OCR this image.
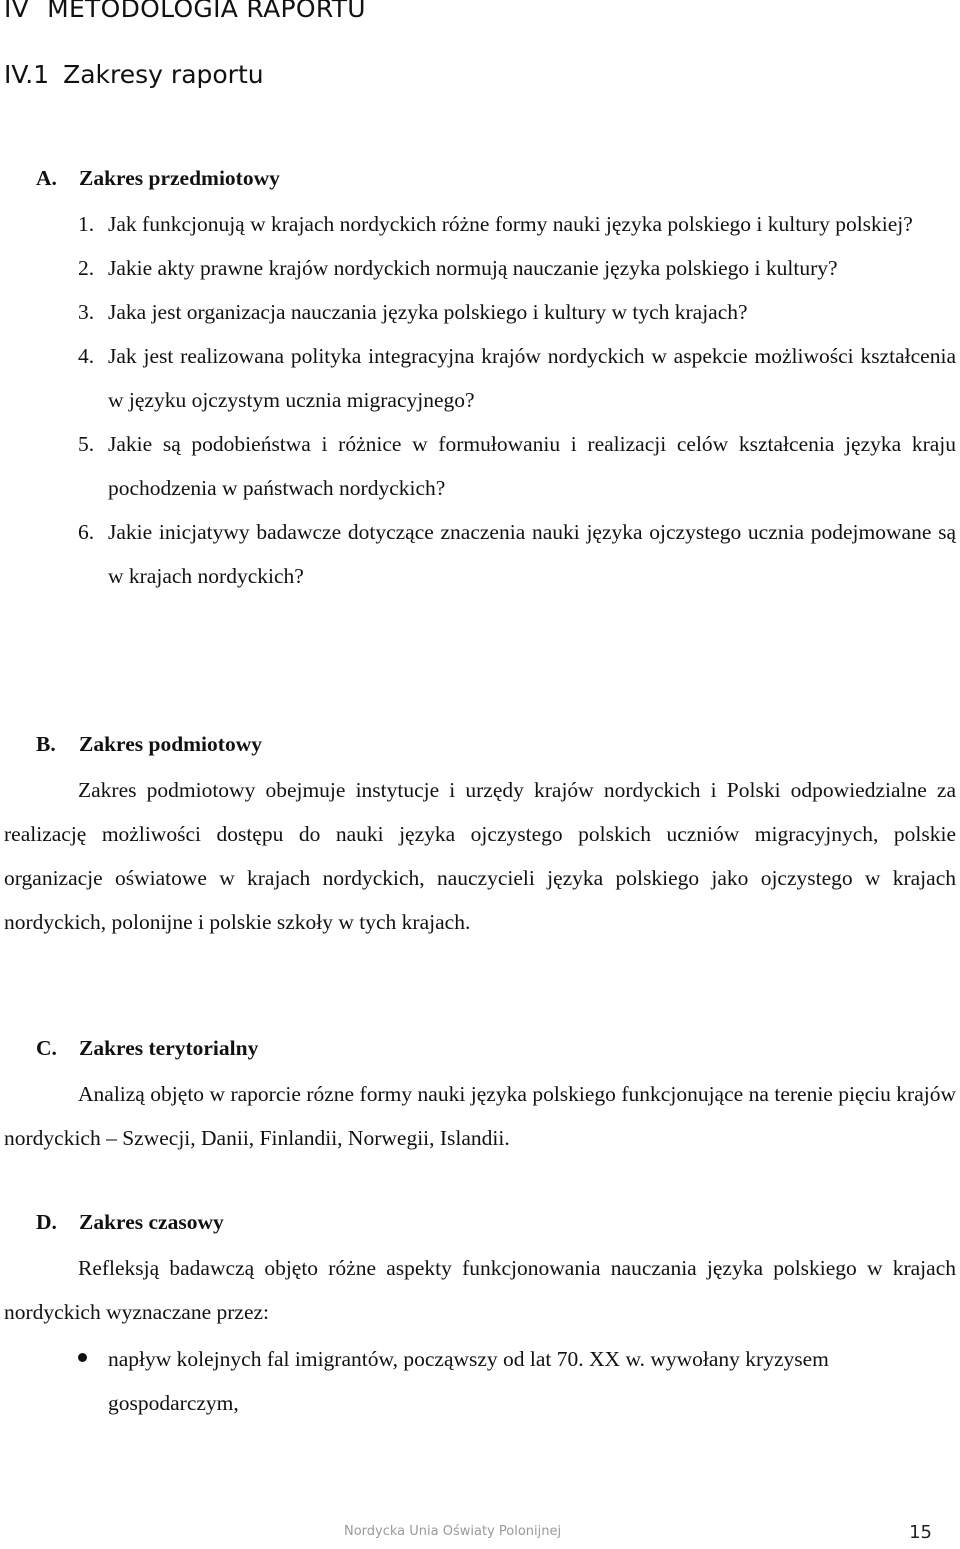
IV METODOLOGIA RAPORTU
IV.1 Zakresy raportu
A. Zakres przedmiotowy
1. Jak funkcjonują w krajach nordyckich różne formy nauki języka polskiego i kultury polskiej?
2. Jakie akty prawne krajów nordyckich normują nauczanie języka polskiego i kultury?
3. Jaka jest organizacja nauczania języka polskiego i kultury w tych krajach?
4. Jak jest realizowana polityka integracyjna krajów nordyckich w aspekcie możliwości kształcenia w języku ojczystym ucznia migracyjnego?
5. Jakie są podobieństwa i różnice w formułowaniu i realizacji celów kształcenia języka kraju pochodzenia w państwach nordyckich?
6. Jakie inicjatywy badawcze dotyczące znaczenia nauki języka ojczystego ucznia podejmowane są w krajach nordyckich?
B. Zakres podmiotowy

Zakres podmiotowy obejmuje instytucje i urzędy krajów nordyckich i Polski odpowiedzialne za realizację możliwości dostępu do nauki języka ojczystego polskich uczniów migracyjnych, polskie organizacje oświatowe w krajach nordyckich, nauczycieli języka polskiego jako ojczystego w krajach nordyckich, polonijne i polskie szkoły w tych krajach.

C. Zakres terytorialny

Analizą objęto w raporcie rózne formy nauki języka polskiego funkcjonujące na terenie pięciu krajów nordyckich – Szwecji, Danii, Finlandii, Norwegii, Islandii.

D. Zakres czasowy

Refleksją badawczą objęto różne aspekty funkcjonowania nauczania języka polskiego w krajach nordyckich wyznaczane przez:

napływ kolejnych fal imigrantów, począwszy od lat 70. XX w. wywołany kryzysem gospodarczym,
Nordycka Unia Oświaty Polonijnej	15
